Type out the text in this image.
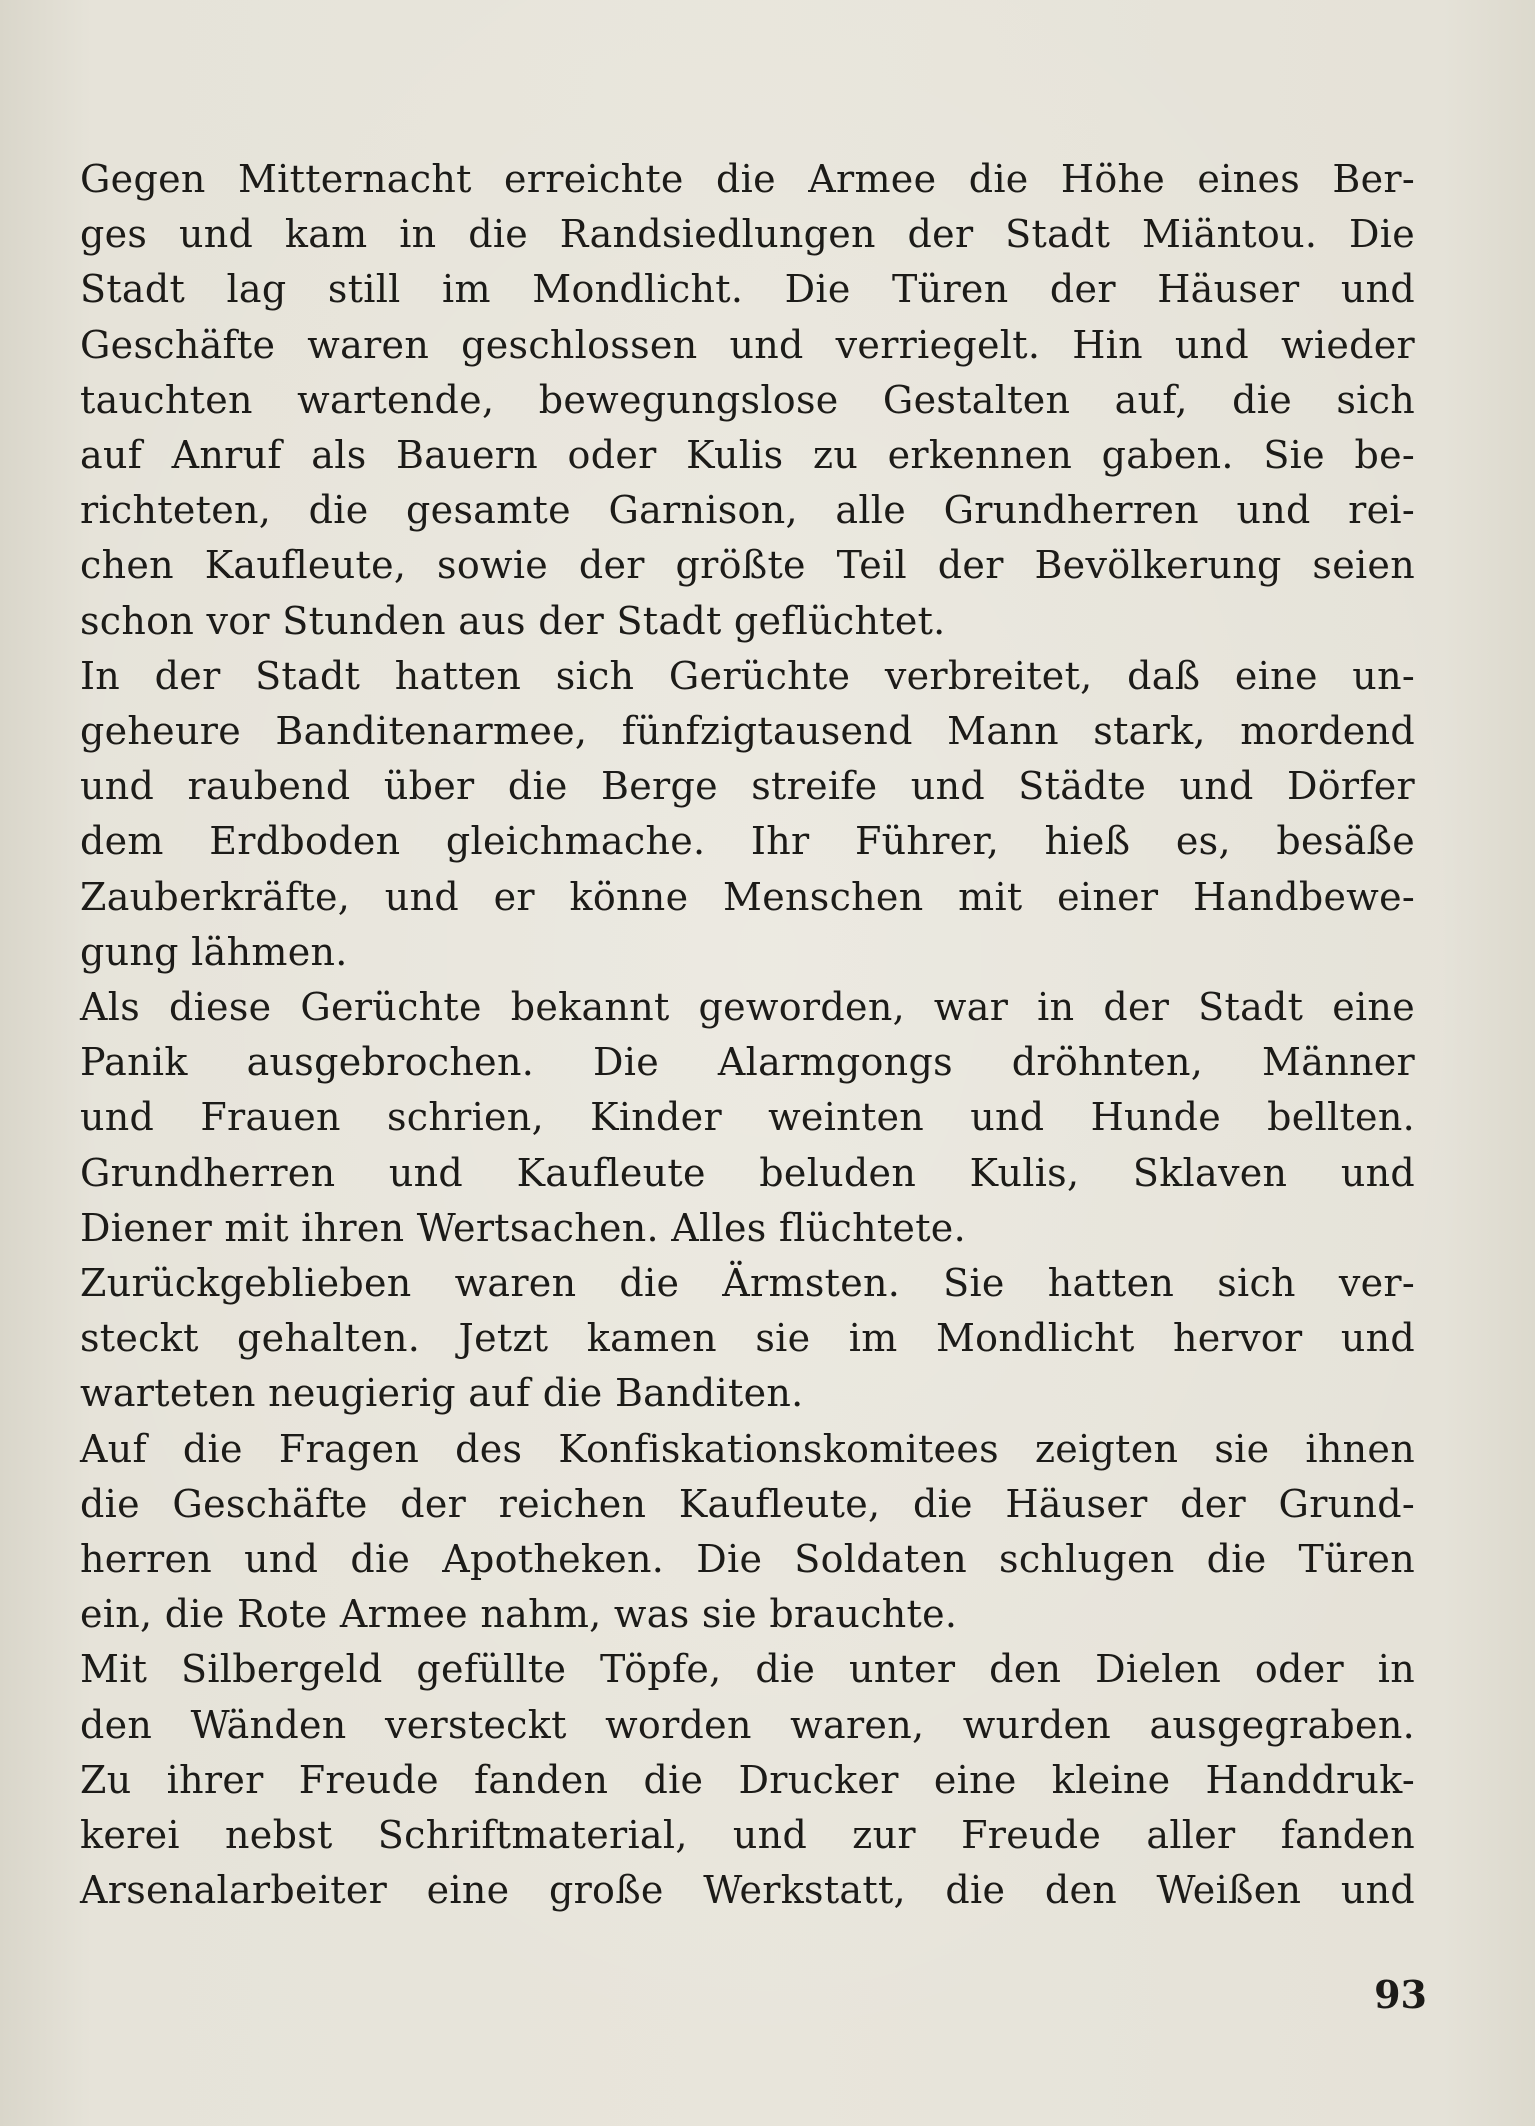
Gegen Mitternacht erreichte die Armee die Höhe eines Ber-
ges und kam in die Randsiedlungen der Stadt Miäntou. Die
Stadt lag still im Mondlicht. Die Türen der Häuser und
Geschäfte waren geschlossen und verriegelt. Hin und wieder
tauchten wartende, bewegungslose Gestalten auf, die sich
auf Anruf als Bauern oder Kulis zu erkennen gaben. Sie be-
richteten, die gesamte Garnison, alle Grundherren und rei-
chen Kaufleute, sowie der größte Teil der Bevölkerung seien
schon vor Stunden aus der Stadt geflüchtet.
In der Stadt hatten sich Gerüchte verbreitet, daß eine un-
geheure Banditenarmee, fünfzigtausend Mann stark, mordend
und raubend über die Berge streife und Städte und Dörfer
dem Erdboden gleichmache. Ihr Führer, hieß es, besäße
Zauberkräfte, und er könne Menschen mit einer Handbewe-
gung lähmen.
Als diese Gerüchte bekannt geworden, war in der Stadt eine
Panik ausgebrochen. Die Alarmgongs dröhnten, Männer
und Frauen schrien, Kinder weinten und Hunde bellten.
Grundherren und Kaufleute beluden Kulis, Sklaven und
Diener mit ihren Wertsachen. Alles flüchtete.
Zurückgeblieben waren die Ärmsten. Sie hatten sich ver-
steckt gehalten. Jetzt kamen sie im Mondlicht hervor und
warteten neugierig auf die Banditen.
Auf die Fragen des Konfiskationskomitees zeigten sie ihnen
die Geschäfte der reichen Kaufleute, die Häuser der Grund-
herren und die Apotheken. Die Soldaten schlugen die Türen
ein, die Rote Armee nahm, was sie brauchte.
Mit Silbergeld gefüllte Töpfe, die unter den Dielen oder in
den Wänden versteckt worden waren, wurden ausgegraben.
Zu ihrer Freude fanden die Drucker eine kleine Handdruk-
kerei nebst Schriftmaterial, und zur Freude aller fanden
Arsenalarbeiter eine große Werkstatt, die den Weißen und
93
